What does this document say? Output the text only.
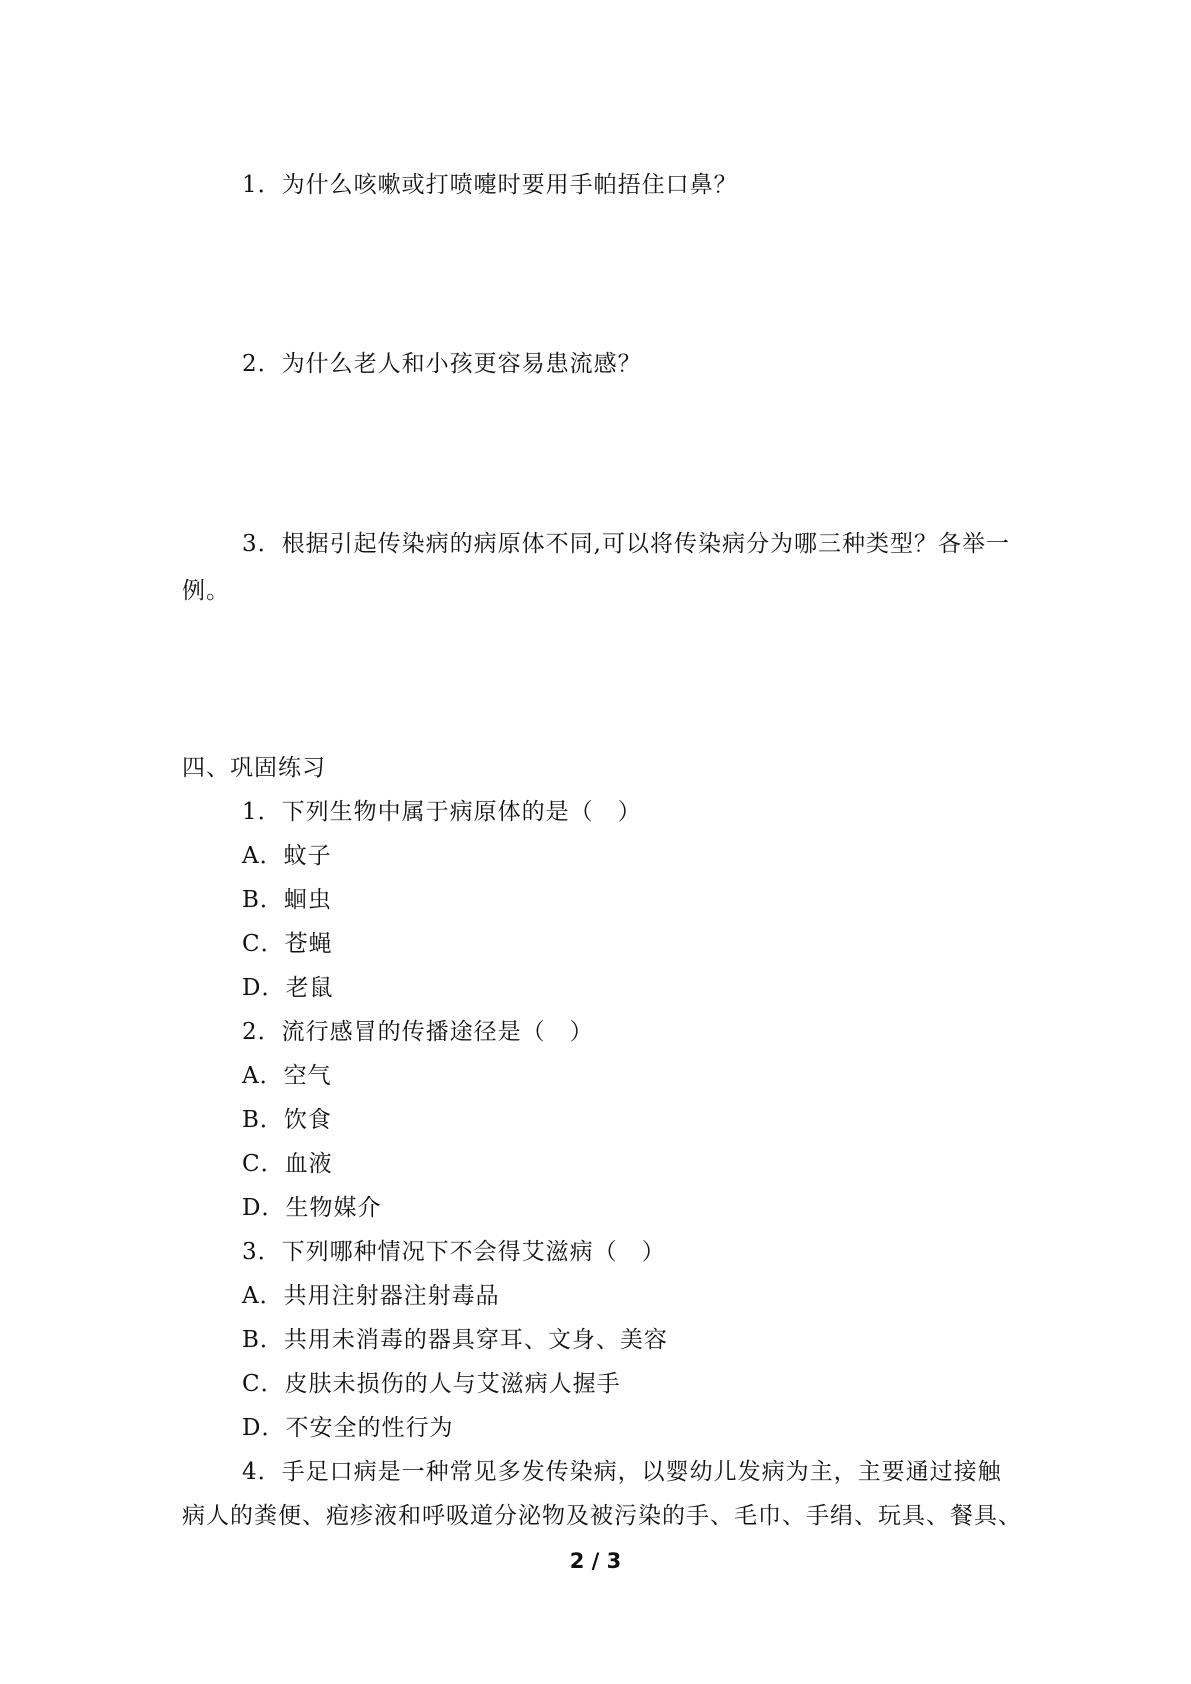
1．为什么咳嗽或打喷嚏时要用手帕捂住口鼻？
2．为什么老人和小孩更容易患流感？
3．根据引起传染病的病原体不同,可以将传染病分为哪三种类型？各举一
例。
四、巩固练习
1．下列生物中属于病原体的是（　）
A．蚊子
B．蛔虫
C．苍蝇
D．老鼠
2．流行感冒的传播途径是（　）
A．空气
B．饮食
C．血液
D．生物媒介
3．下列哪种情况下不会得艾滋病（　）
A．共用注射器注射毒品
B．共用未消毒的器具穿耳、文身、美容
C．皮肤未损伤的人与艾滋病人握手
D．不安全的性行为
4．手足口病是一种常见多发传染病，以婴幼儿发病为主，主要通过接触
病人的粪便、疱疹液和呼吸道分泌物及被污染的手、毛巾、手绢、玩具、餐具、
2 / 3
